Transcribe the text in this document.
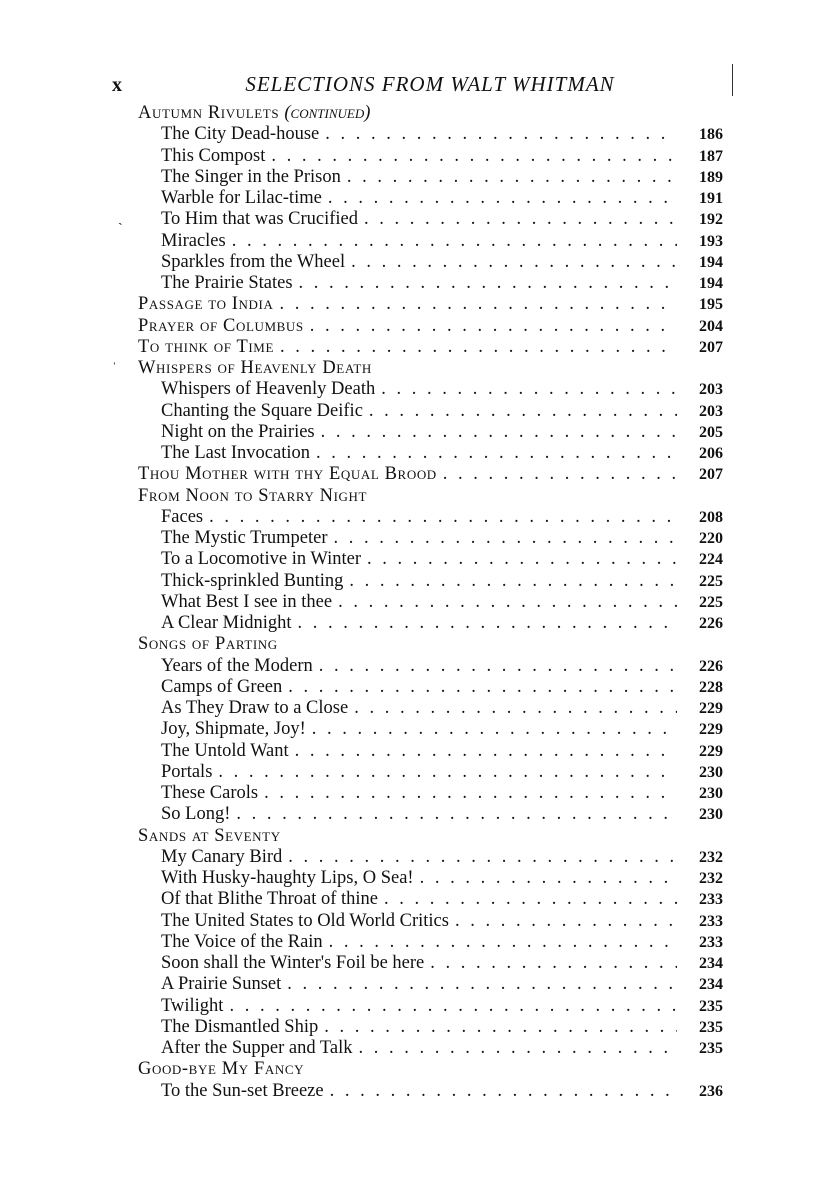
x	SELECTIONS FROM WALT WHITMAN
ˎ
ˈ
Autumn Rivulets (continued)
The City Dead-house . . .	186
This Compost . . .	187
The Singer in the Prison . . .	189
Warble for Lilac-time . . .	191
To Him that was Crucified . . .	192
Miracles . . .	193
Sparkles from the Wheel . . .	194
The Prairie States . . .	194
Passage to India . . .	195
Prayer of Columbus . . .	204
To think of Time . . .	207
Whispers of Heavenly Death
Whispers of Heavenly Death . . .	203
Chanting the Square Deific . . .	203
Night on the Prairies . . .	205
The Last Invocation . . .	206
Thou Mother with thy Equal Brood . . .	207
From Noon to Starry Night
Faces . . .	208
The Mystic Trumpeter . . .	220
To a Locomotive in Winter . . .	224
Thick-sprinkled Bunting . . .	225
What Best I see in thee . . .	225
A Clear Midnight . . .	226
Songs of Parting
Years of the Modern . . .	226
Camps of Green . . .	228
As They Draw to a Close . . .	229
Joy, Shipmate, Joy! . . .	229
The Untold Want . . .	229
Portals . . .	230
These Carols . . .	230
So Long! . . .	230
Sands at Seventy
My Canary Bird . . .	232
With Husky-haughty Lips, O Sea! . . .	232
Of that Blithe Throat of thine . . .	233
The United States to Old World Critics . . .	233
The Voice of the Rain . . .	233
Soon shall the Winter's Foil be here . . .	234
A Prairie Sunset . . .	234
Twilight . . .	235
The Dismantled Ship . . .	235
After the Supper and Talk . . .	235
Good-bye My Fancy
To the Sun-set Breeze . . .	236
